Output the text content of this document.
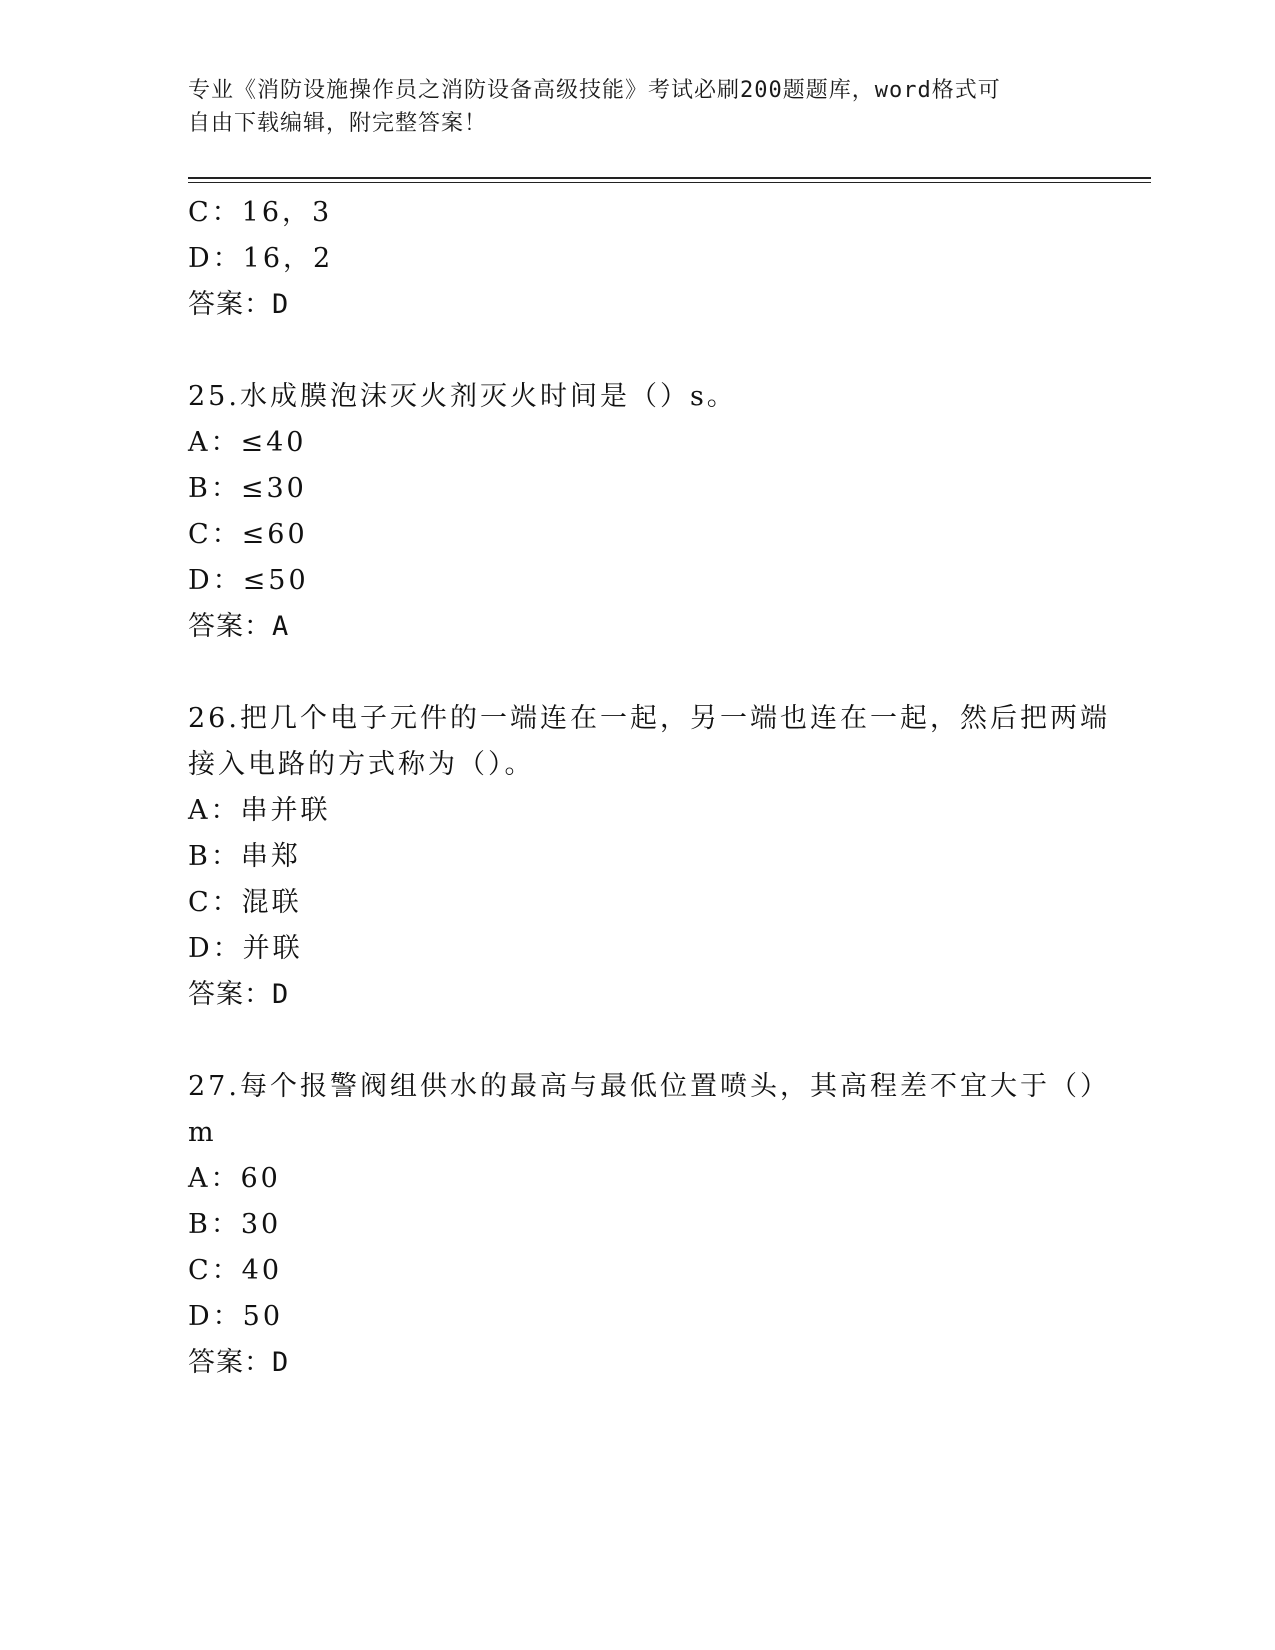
专业《消防设施操作员之消防设备高级技能》考试必刷200题题库，word格式可
自由下载编辑，附完整答案！
C：16，3
D：16，2
答案：D
25.水成膜泡沫灭火剂灭火时间是（）s。
A：≤40
B：≤30
C：≤60
D：≤50
答案：A
26.把几个电子元件的一端连在一起，另一端也连在一起，然后把两端
接入电路的方式称为（）。
A：串并联
B：串郑
C：混联
D：并联
答案：D
27.每个报警阀组供水的最高与最低位置喷头，其高程差不宜大于（）
m
A：60
B：30
C：40
D：50
答案：D
